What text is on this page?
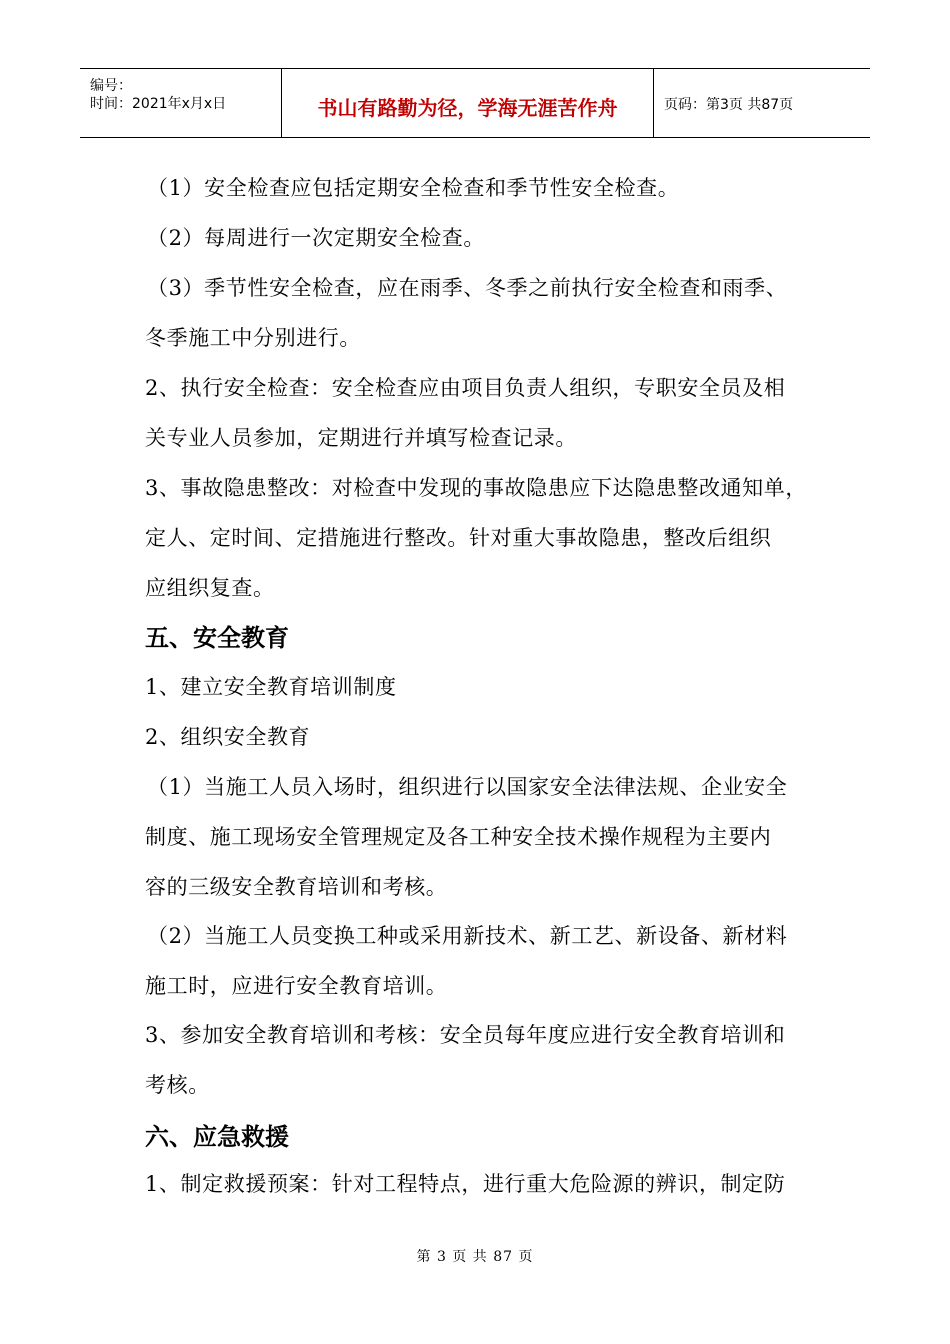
编号：
时间：2021年x月x日	书山有路勤为径，学海无涯苦作舟	页码：第3页 共87页
（1）安全检查应包括定期安全检查和季节性安全检查。
（2）每周进行一次定期安全检查。
（3）季节性安全检查，应在雨季、冬季之前执行安全检查和雨季、
冬季施工中分别进行。
2、执行安全检查：安全检查应由项目负责人组织，专职安全员及相
关专业人员参加，定期进行并填写检查记录。
3、事故隐患整改：对检查中发现的事故隐患应下达隐患整改通知单，
定人、定时间、定措施进行整改。针对重大事故隐患，整改后组织
应组织复查。
五、安全教育
1、建立安全教育培训制度
2、组织安全教育
（1）当施工人员入场时，组织进行以国家安全法律法规、企业安全
制度、施工现场安全管理规定及各工种安全技术操作规程为主要内
容的三级安全教育培训和考核。
（2）当施工人员变换工种或采用新技术、新工艺、新设备、新材料
施工时，应进行安全教育培训。
3、参加安全教育培训和考核：安全员每年度应进行安全教育培训和
考核。
六、应急救援
1、制定救援预案：针对工程特点，进行重大危险源的辨识，制定防
第 3 页 共 87 页
